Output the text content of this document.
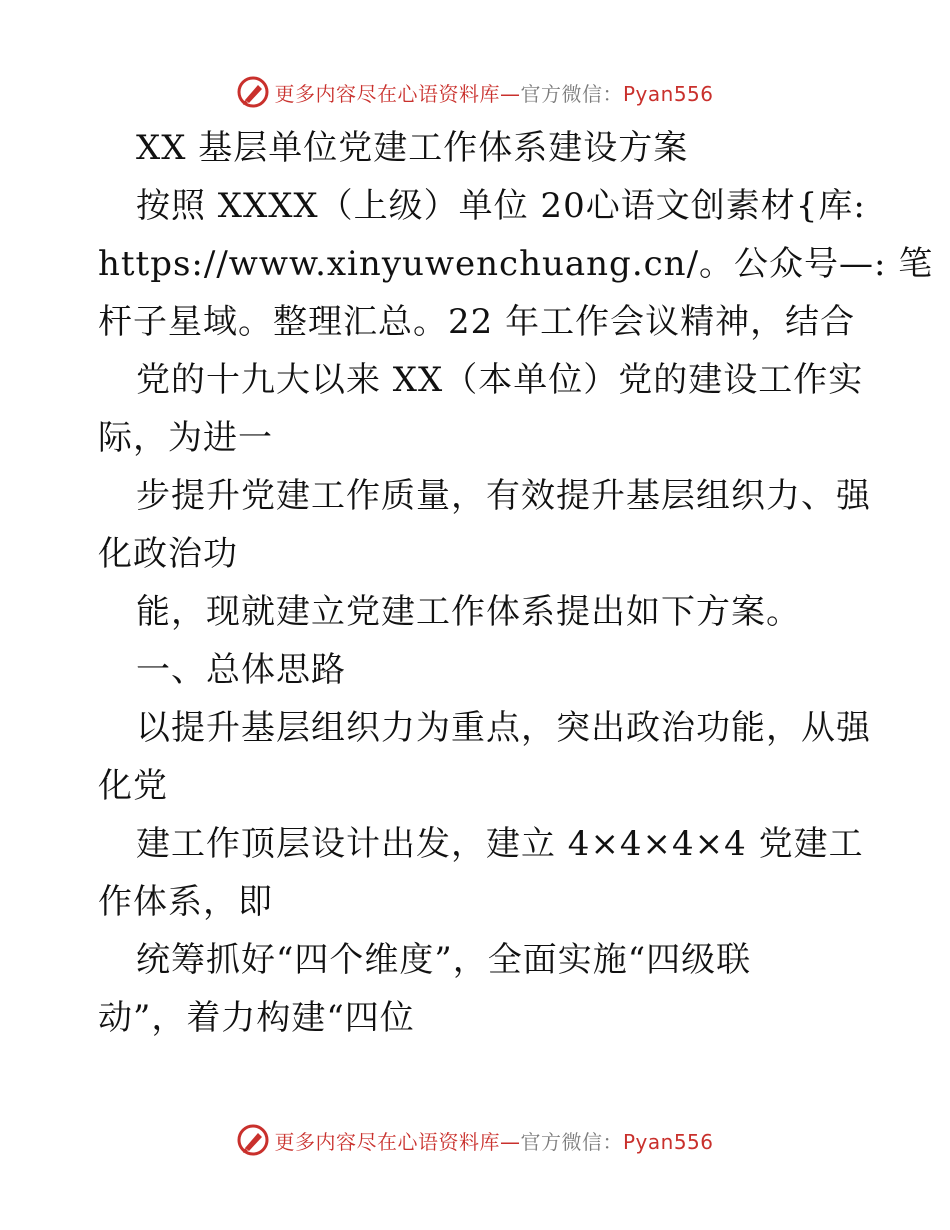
更多内容尽在心语资料库—官方微信：Pyan556
XX 基层单位党建工作体系建设方案
按照 XXXX（上级）单位 20心语文创素材{库:
https://www.xinyuwenchuang.cn/。公众号—: 笔
杆子星域。整理汇总。22 年工作会议精神，结合
党的十九大以来 XX（本单位）党的建设工作实
际，为进一
步提升党建工作质量，有效提升基层组织力、强
化政治功
能，现就建立党建工作体系提出如下方案。
一、总体思路
以提升基层组织力为重点，突出政治功能，从强
化党
建工作顶层设计出发，建立 4×4×4×4 党建工
作体系，即
统筹抓好“四个维度”，全面实施“四级联
动”，着力构建“四位
更多内容尽在心语资料库—官方微信：Pyan556
